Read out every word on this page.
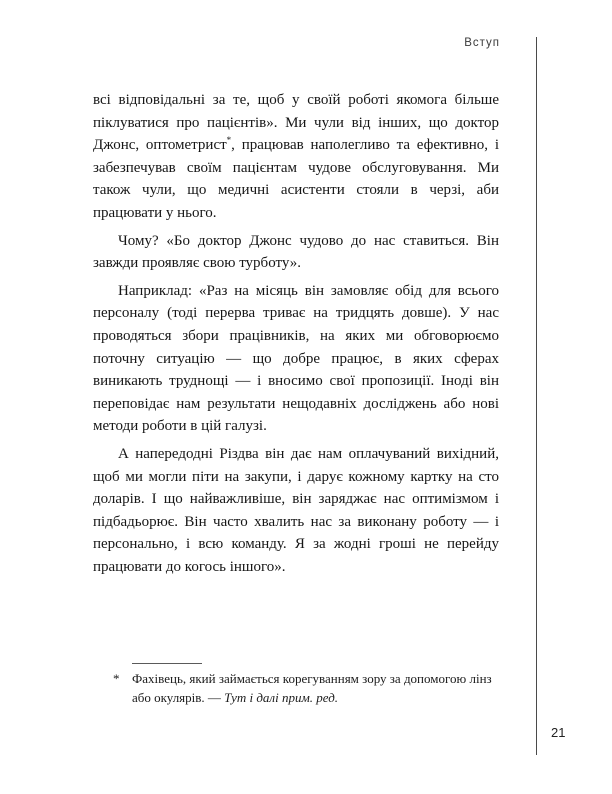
Вступ

всі відповідальні за те, щоб у своїй роботі якомога більше піклуватися про пацієнтів». Ми чули від інших, що доктор Джонс, оптометрист*, працював наполегливо та ефективно, і забезпечував своїм пацієнтам чудове обслуговування. Ми також чули, що медичні асистенти стояли в черзі, аби працювати у нього.

Чому? «Бо доктор Джонс чудово до нас ставиться. Він завжди проявляє свою турботу».

Наприклад: «Раз на місяць він замовляє обід для всього персоналу (тоді перерва триває на тридцять довше). У нас проводяться збори працівників, на яких ми обговорюємо поточну ситуацію — що добре працює, в яких сферах виникають труднощі — і вносимо свої пропозиції. Іноді він переповідає нам результати нещодавніх досліджень або нові методи роботи в цій галузі.

А напередодні Різдва він дає нам оплачуваний вихідний, щоб ми могли піти на закупи, і дарує кожному картку на сто доларів. І що найважливіше, він заряджає нас оптимізмом і підбадьорює. Він часто хвалить нас за виконану роботу — і персонально, і всю команду. Я за жодні гроші не перейду працювати до когось іншого».

* Фахівець, який займається корегуванням зору за допомогою лінз або окулярів. — Тут і далі прим. ред.
21
